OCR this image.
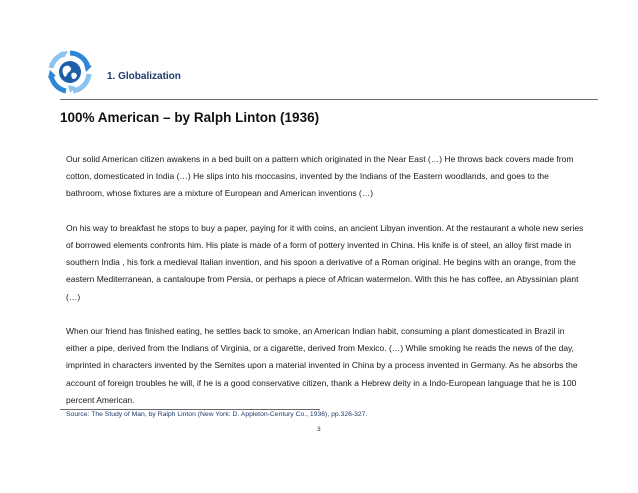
1. Globalization
100% American – by Ralph Linton (1936)

Our solid American citizen awakens in a bed built on a pattern which originated in the Near East (…) He throws back covers made from cotton, domesticated in India (…) He slips into his moccasins, invented by the Indians of the Eastern woodlands, and goes to the bathroom, whose fixtures are a mixture of European and American inventions (…)

On his way to breakfast he stops to buy a paper, paying for it with coins, an ancient Libyan invention. At the restaurant a whole new series of borrowed elements confronts him. His plate is made of a form of pottery invented in China. His knife is of steel, an alloy first made in southern India , his fork a medieval Italian invention, and his spoon a derivative of a Roman original. He begins with an orange, from the eastern Mediterranean, a cantaloupe from Persia, or perhaps a piece of African watermelon. With this he has coffee, an Abyssinian plant (…)

When our friend has finished eating, he settles back to smoke, an American Indian habit, consuming a plant domesticated in Brazil in either a pipe, derived from the Indians of Virginia, or a cigarette, derived from Mexico. (…) While smoking he reads the news of the day, imprinted in characters invented by the Semites upon a material invented in China by a process invented in Germany. As he absorbs the account of foreign troubles he will, if he is a good conservative citizen, thank a Hebrew deity in a Indo-European language that he is 100 percent American.

Source: The Study of Man, by Ralph Linton (New York: D. Appleton-Century Co., 1936), pp.326-327.
3
